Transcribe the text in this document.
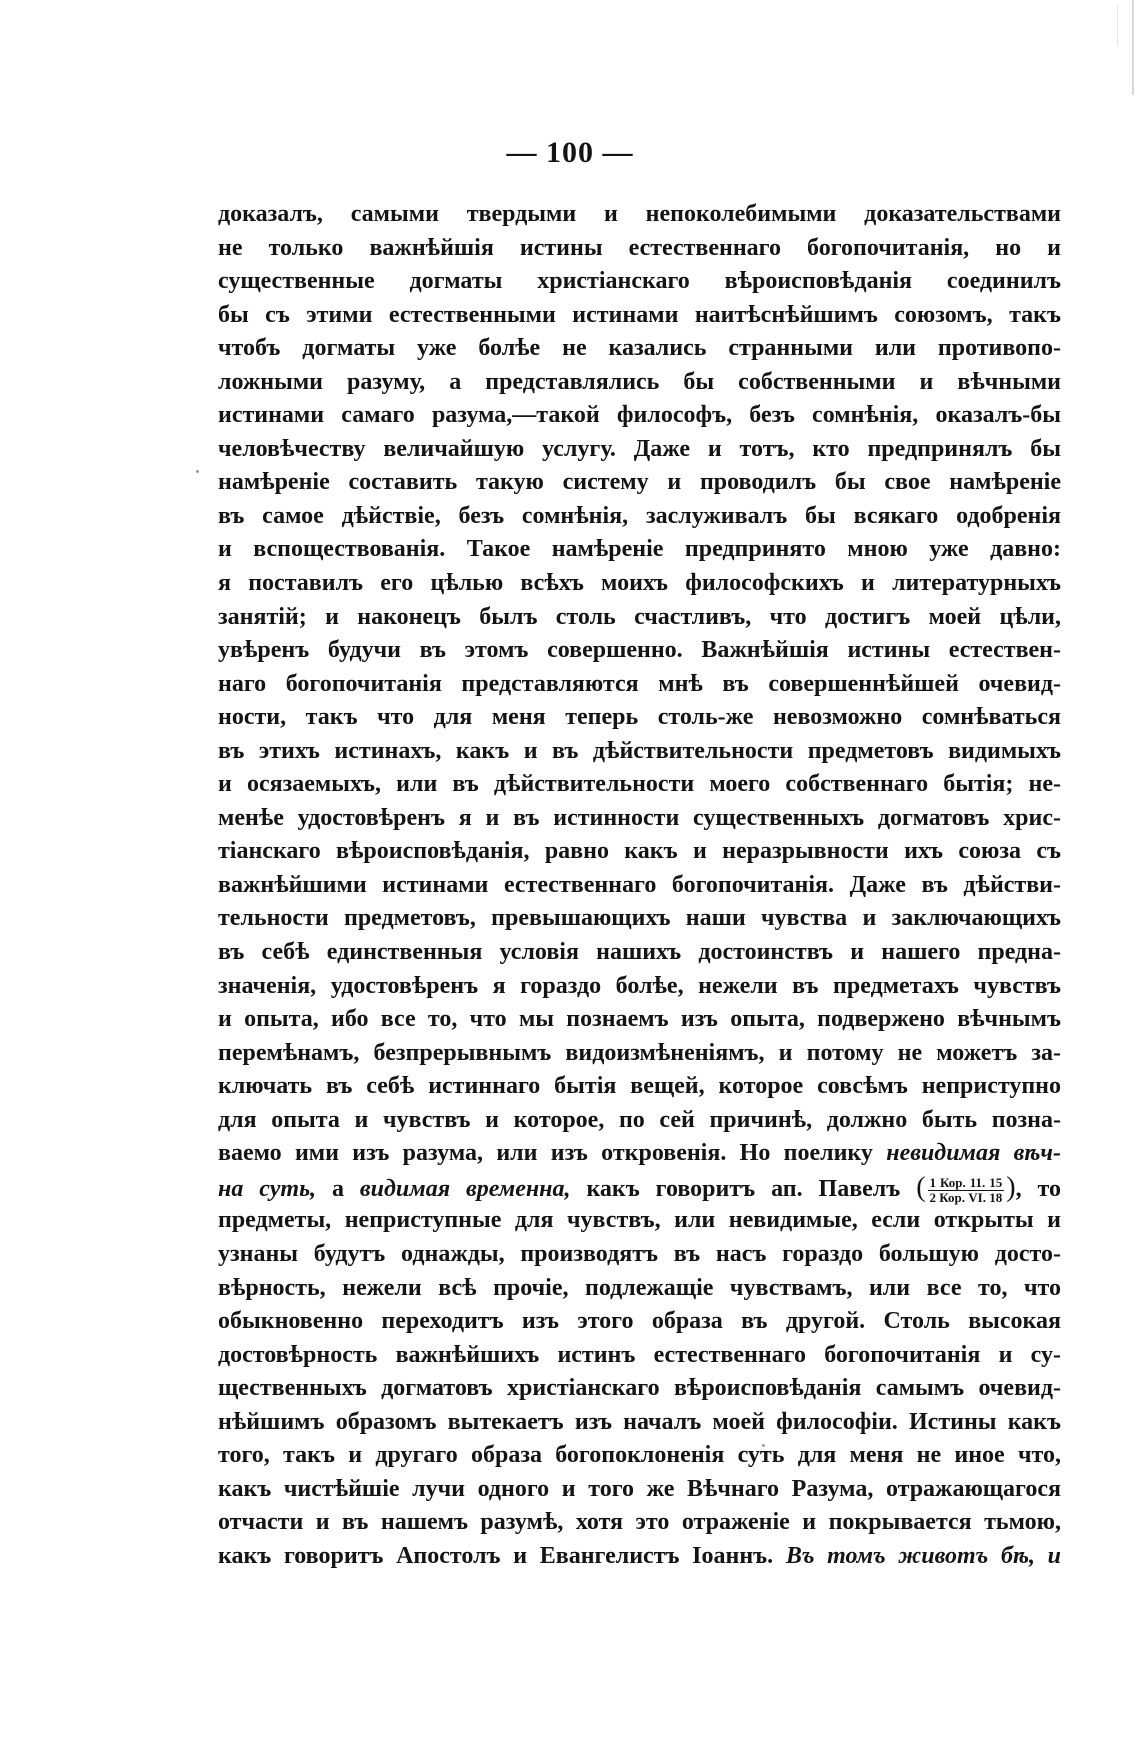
— 100 —
доказалъ, самыми твердыми и непоколебимыми доказательствами
не только важнѣйшія истины естественнаго богопочитанія, но и
существенные догматы христіанскаго вѣроисповѣданія соединилъ
бы съ этими естественными истинами наитѣснѣйшимъ союзомъ, такъ
чтобъ догматы уже болѣе не казались странными или противопо-
ложными разуму, а представлялись бы собственными и вѣчными
истинами самаго разума,—такой философъ, безъ сомнѣнія, оказалъ-бы
человѣчеству величайшую услугу. Даже и тотъ, кто предпринялъ бы
намѣреніе составить такую систему и проводилъ бы свое намѣреніе
въ самое дѣйствіе, безъ сомнѣнія, заслуживалъ бы всякаго одобренія
и вспоществованія. Такое намѣреніе предпринято мною уже давно:
я поставилъ его цѣлью всѣхъ моихъ философскихъ и литературныхъ
занятій; и наконецъ былъ столь счастливъ, что достигъ моей цѣли,
увѣренъ будучи въ этомъ совершенно. Важнѣйшія истины естествен-
наго богопочитанія представляются мнѣ въ совершеннѣйшей очевид-
ности, такъ что для меня теперь столь-же невозможно сомнѣваться
въ этихъ истинахъ, какъ и въ дѣйствительности предметовъ видимыхъ
и осязаемыхъ, или въ дѣйствительности моего собственнаго бытія; не-
менѣе удостовѣренъ я и въ истинности существенныхъ догматовъ хрис-
тіанскаго вѣроисповѣданія, равно какъ и неразрывности ихъ союза съ
важнѣйшими истинами естественнаго богопочитанія. Даже въ дѣйстви-
тельности предметовъ, превышающихъ наши чувства и заключающихъ
въ себѣ единственныя условія нашихъ достоинствъ и нашего предна-
значенія, удостовѣренъ я гораздо болѣе, нежели въ предметахъ чувствъ
и опыта, ибо все то, что мы познаемъ изъ опыта, подвержено вѣчнымъ
перемѣнамъ, безпрерывнымъ видоизмѣненіямъ, и потому не можетъ за-
ключать въ себѣ истиннаго бытія вещей, которое совсѣмъ неприступно
для опыта и чувствъ и которое, по сей причинѣ, должно быть позна-
ваемо ими изъ разума, или изъ откровенія. Но поелику невидимая вѣч-
на суть, а видимая временна, какъ говоритъ ап. Павелъ ( $\frac{\text{1 Кор. 11. 15}}{\text{2 Кор. VI. 18}}$ ), то
предметы, неприступные для чувствъ, или невидимые, если открыты и
узнаны будутъ однажды, производятъ въ насъ гораздо большую досто-
вѣрность, нежели всѣ прочіе, подлежащіе чувствамъ, или все то, что
обыкновенно переходитъ изъ этого образа въ другой. Столь высокая
достовѣрность важнѣйшихъ истинъ естественнаго богопочитанія и су-
щественныхъ догматовъ христіанскаго вѣроисповѣданія самымъ очевид-
нѣйшимъ образомъ вытекаетъ изъ началъ моей философіи. Истины какъ
того, такъ и другаго образа богопоклоненія суть для меня не иное что,
какъ чистѣйшіе лучи одного и того же Вѣчнаго Разума, отражающагося
отчасти и въ нашемъ разумѣ, хотя это отраженіе и покрывается тьмою,
какъ говоритъ Апостолъ и Евангелистъ Іоаннъ. Въ томъ животъ бѣ, и
